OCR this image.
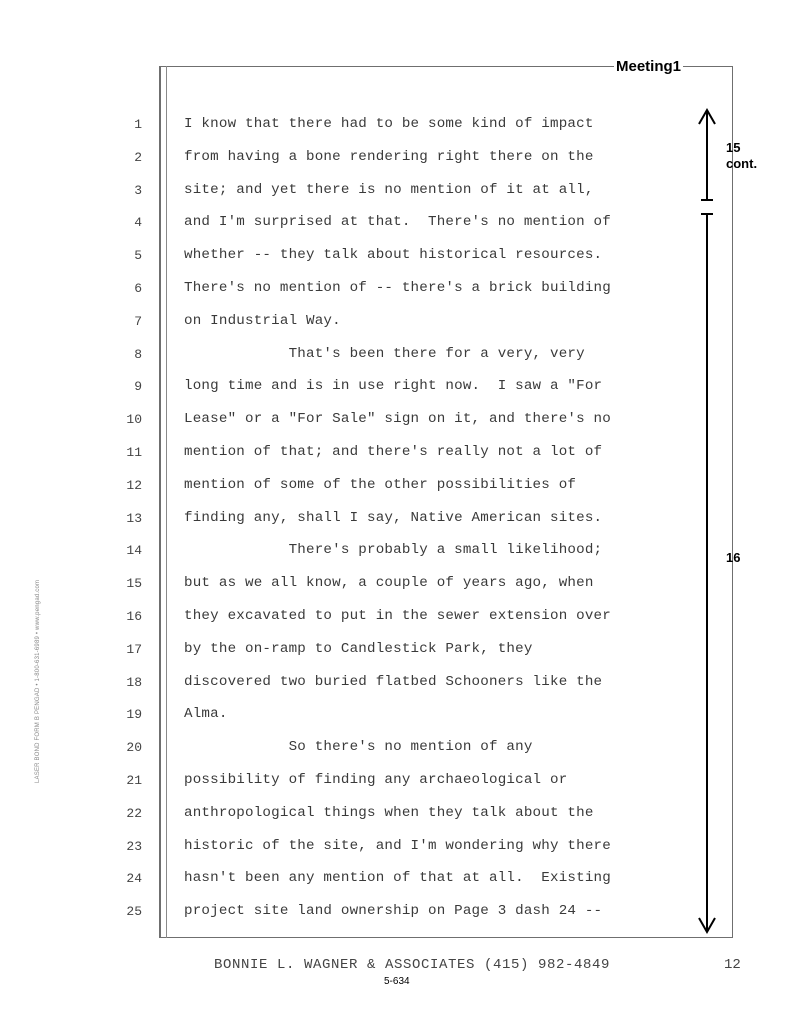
Meeting1
1	I know that there had to be some kind of impact
2	from having a bone rendering right there on the
3	site; and yet there is no mention of it at all,
4	and I'm surprised at that.  There's no mention of
5	whether -- they talk about historical resources.
6	There's no mention of -- there's a brick building
7	on Industrial Way.
8	That's been there for a very, very
9	long time and is in use right now.  I saw a "For
10	Lease" or a "For Sale" sign on it, and there's no
11	mention of that; and there's really not a lot of
12	mention of some of the other possibilities of
13	finding any, shall I say, Native American sites.
14	There's probably a small likelihood;
15	but as we all know, a couple of years ago, when
16	they excavated to put in the sewer extension over
17	by the on-ramp to Candlestick Park, they
18	discovered two buried flatbed Schooners like the
19	Alma.
20	So there's no mention of any
21	possibility of finding any archaeological or
22	anthropological things when they talk about the
23	historic of the site, and I'm wondering why there
24	hasn't been any mention of that at all.  Existing
25	project site land ownership on Page 3 dash 24 --
15
cont.
16
BONNIE L. WAGNER & ASSOCIATES (415) 982-4849	12
5-634
LASER BOND FORM B PENGAD • 1-800-631-6989 • www.pengad.com
